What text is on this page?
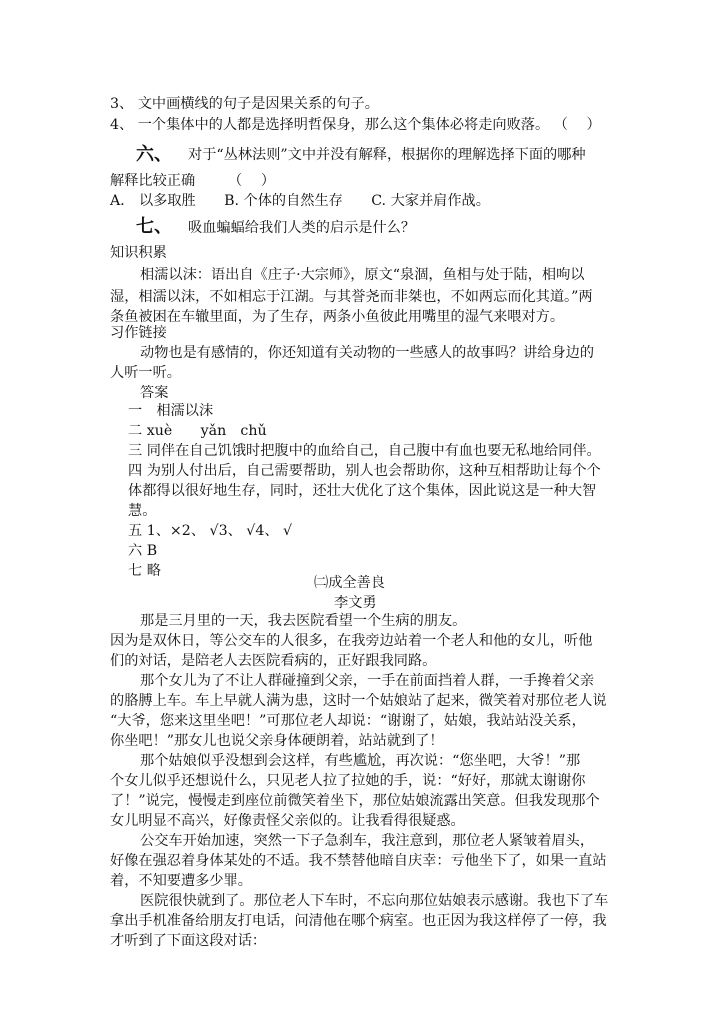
3、 文中画横线的句子是因果关系的句子。
4、 一个集体中的人都是选择明哲保身，那么这个集体必将走向败落。 （　 ）
六、 对于“丛林法则”文中并没有解释，根据你的理解选择下面的哪种
解释比较正确　　 （　 ）
A． 以多取胜　　B. 个体的自然生存　　C. 大家并肩作战。
七、 吸血蝙蝠给我们人类的启示是什么？
知识积累
相濡以沫：语出自《庄子·大宗师》，原文“泉涸，鱼相与处于陆，相呴以
湿，相濡以沫，不如相忘于江湖。与其誉尧而非桀也，不如两忘而化其道。”两
条鱼被困在车辙里面，为了生存，两条小鱼彼此用嘴里的湿气来喂对方。
习作链接
动物也是有感情的，你还知道有关动物的一些感人的故事吗？讲给身边的
人听一听。
答案
一　相濡以沫
二 xuè　　yǎn　chǔ
三 同伴在自己饥饿时把腹中的血给自己，自己腹中有血也要无私地给同伴。
四 为别人付出后，自己需要帮助，别人也会帮助你，这种互相帮助让每个个
体都得以很好地生存，同时，还壮大优化了这个集体，因此说这是一种大智
慧。
五 1、×2、 √3、 √4、 √
六 B
七 略
㈡成全善良
李文勇
那是三月里的一天，我去医院看望一个生病的朋友。
因为是双休日，等公交车的人很多，在我旁边站着一个老人和他的女儿，听他
们的対话，是陪老人去医院看病的，正好跟我同路。
那个女儿为了不让人群碰撞到父亲，一手在前面挡着人群，一手搀着父亲
的胳膊上车。车上早就人满为患，这时一个姑娘站了起来，微笑着对那位老人说
“大爷，您来这里坐吧！”可那位老人却说：“谢谢了，姑娘，我站站没关系，
你坐吧！”那女儿也说父亲身体硬朗着，站站就到了！
那个姑娘似乎没想到会这样，有些尴尬，再次说：“您坐吧，大爷！”那
个女儿似乎还想说什么，只见老人拉了拉她的手，说：“好好，那就太谢谢你
了！”说完，慢慢走到座位前微笑着坐下，那位姑娘流露出笑意。但我发现那个
女儿明显不高兴，好像责怪父亲似的。让我看得很疑惑。
公交车开始加速，突然一下子急刹车，我注意到，那位老人紧皱着眉头，
好像在强忍着身体某处的不适。我不禁替他暗自庆幸：亏他坐下了，如果一直站
着，不知要遭多少罪。
医院很快就到了。那位老人下车时，不忘向那位姑娘表示感谢。我也下了车
拿出手机准备给朋友打电话，问清他在哪个病室。也正因为我这样停了一停，我
才听到了下面这段对话：
